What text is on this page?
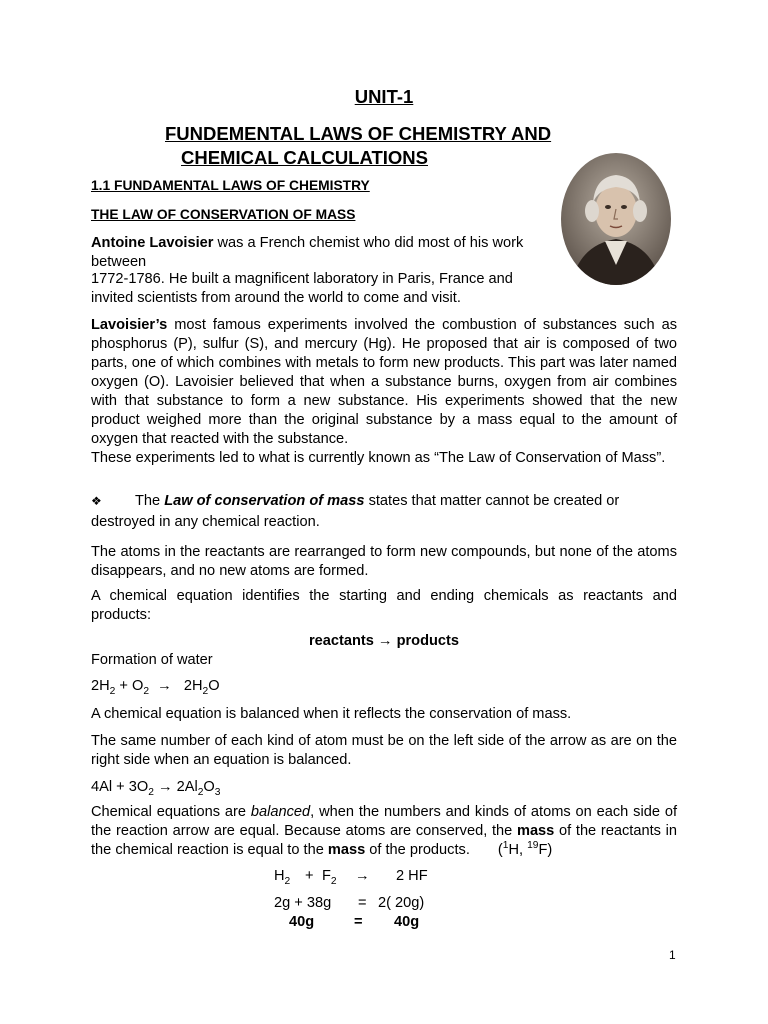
UNIT-1
FUNDEMENTAL LAWS OF CHEMISTRY AND
CHEMICAL CALCULATIONS
1.1 FUNDAMENTAL LAWS OF CHEMISTRY
THE LAW OF CONSERVATION OF MASS
Antoine Lavoisier was a French chemist who did most of his work between
1772-1786. He built a magnificent laboratory in Paris, France and invited scientists from around the world to come and visit.
Lavoisier’s most famous experiments involved the combustion of substances such as phosphorus (P), sulfur (S), and mercury (Hg). He proposed that air is composed of two parts, one of which combines with metals to form new products. This part was later named oxygen (O). Lavoisier believed that when a substance burns, oxygen from air combines with that substance to form a new substance. His experiments showed that the new product weighed more than the original substance by a mass equal to the amount of oxygen that reacted with the substance.
These experiments led to what is currently known as “The Law of Conservation of Mass”.
❖ The Law of conservation of mass states that matter cannot be created or destroyed in any chemical reaction.
The atoms in the reactants are rearranged to form new compounds, but none of the atoms disappears, and no new atoms are formed.
A chemical equation identifies the starting and ending chemicals as reactants and products:
reactants → products
Formation of water
$2H_2 + O_2 \to 2H_2O$
A chemical equation is balanced when it reflects the conservation of mass.
The same number of each kind of atom must be on the left side of the arrow as are on the right side when an equation is balanced.
$4Al + 3O_2 \to 2Al_2O_3$
Chemical equations are balanced, when the numbers and kinds of atoms on each side of the reaction arrow are equal. Because atoms are conserved, the mass of the reactants in the chemical reaction is equal to the mass of the products. ($^1$H, $^{19}$F)
$H_2 + F_2 \to 2$ HF
2g + 38g = 2( 20g)
40g	= 40g
1
